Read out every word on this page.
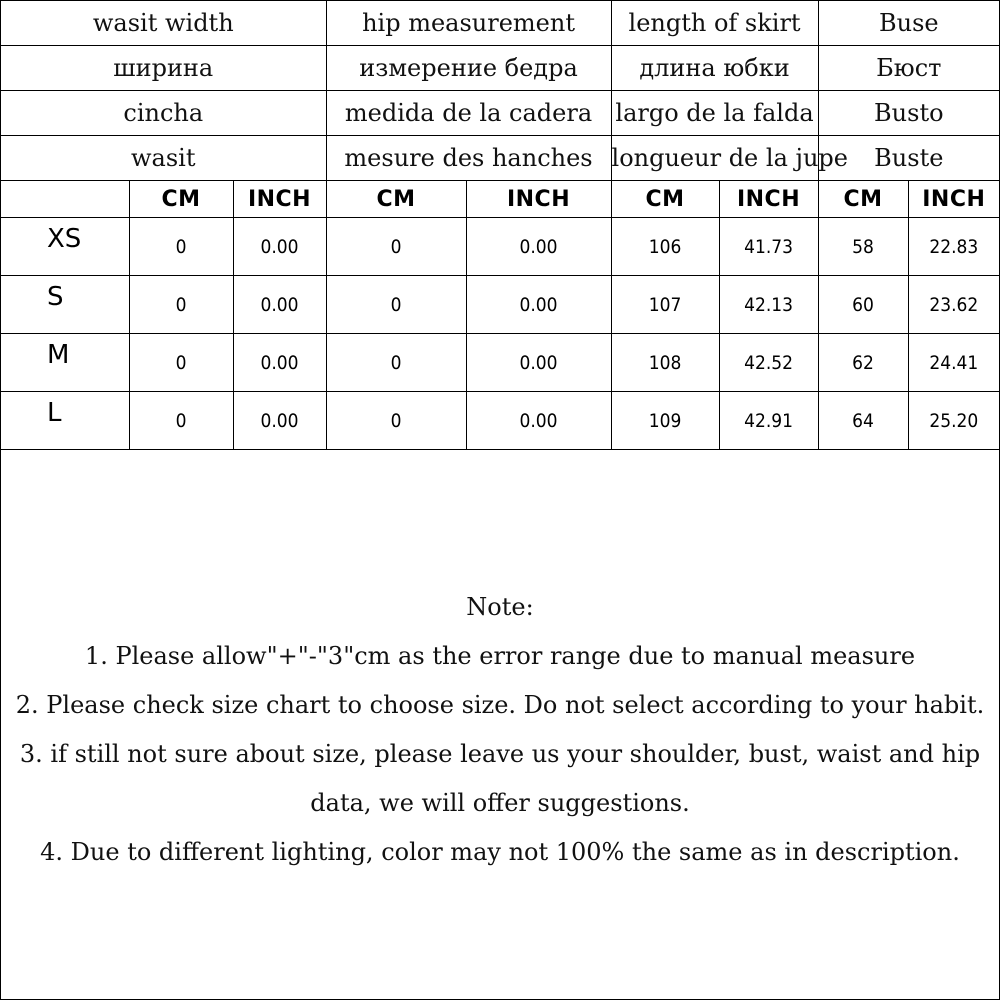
wasit width			hip measurement		length of skirt		Buse	
ширина			измерение бедра		длина юбки		Бюст	
cincha			medida de la cadera		largo de la falda		Busto	
wasit			mesure des hanches		longueur de la jupe		Buste	
	CM	INCH	CM	INCH	CM	INCH	CM	INCH
XS	0	0.00	0	0.00	106	41.73	58	22.83
S	0	0.00	0	0.00	107	42.13	60	23.62
M	0	0.00	0	0.00	108	42.52	62	24.41
L	0	0.00	0	0.00	109	42.91	64	25.20
Note:
1. Please allow"+"-"3"cm as the error range due to manual measure
2. Please check size chart to choose size. Do not select according to your habit.
3. if still not sure about size, please leave us your shoulder, bust, waist and hip
data, we will offer suggestions.
4. Due to different lighting, color may not 100% the same as in description.
